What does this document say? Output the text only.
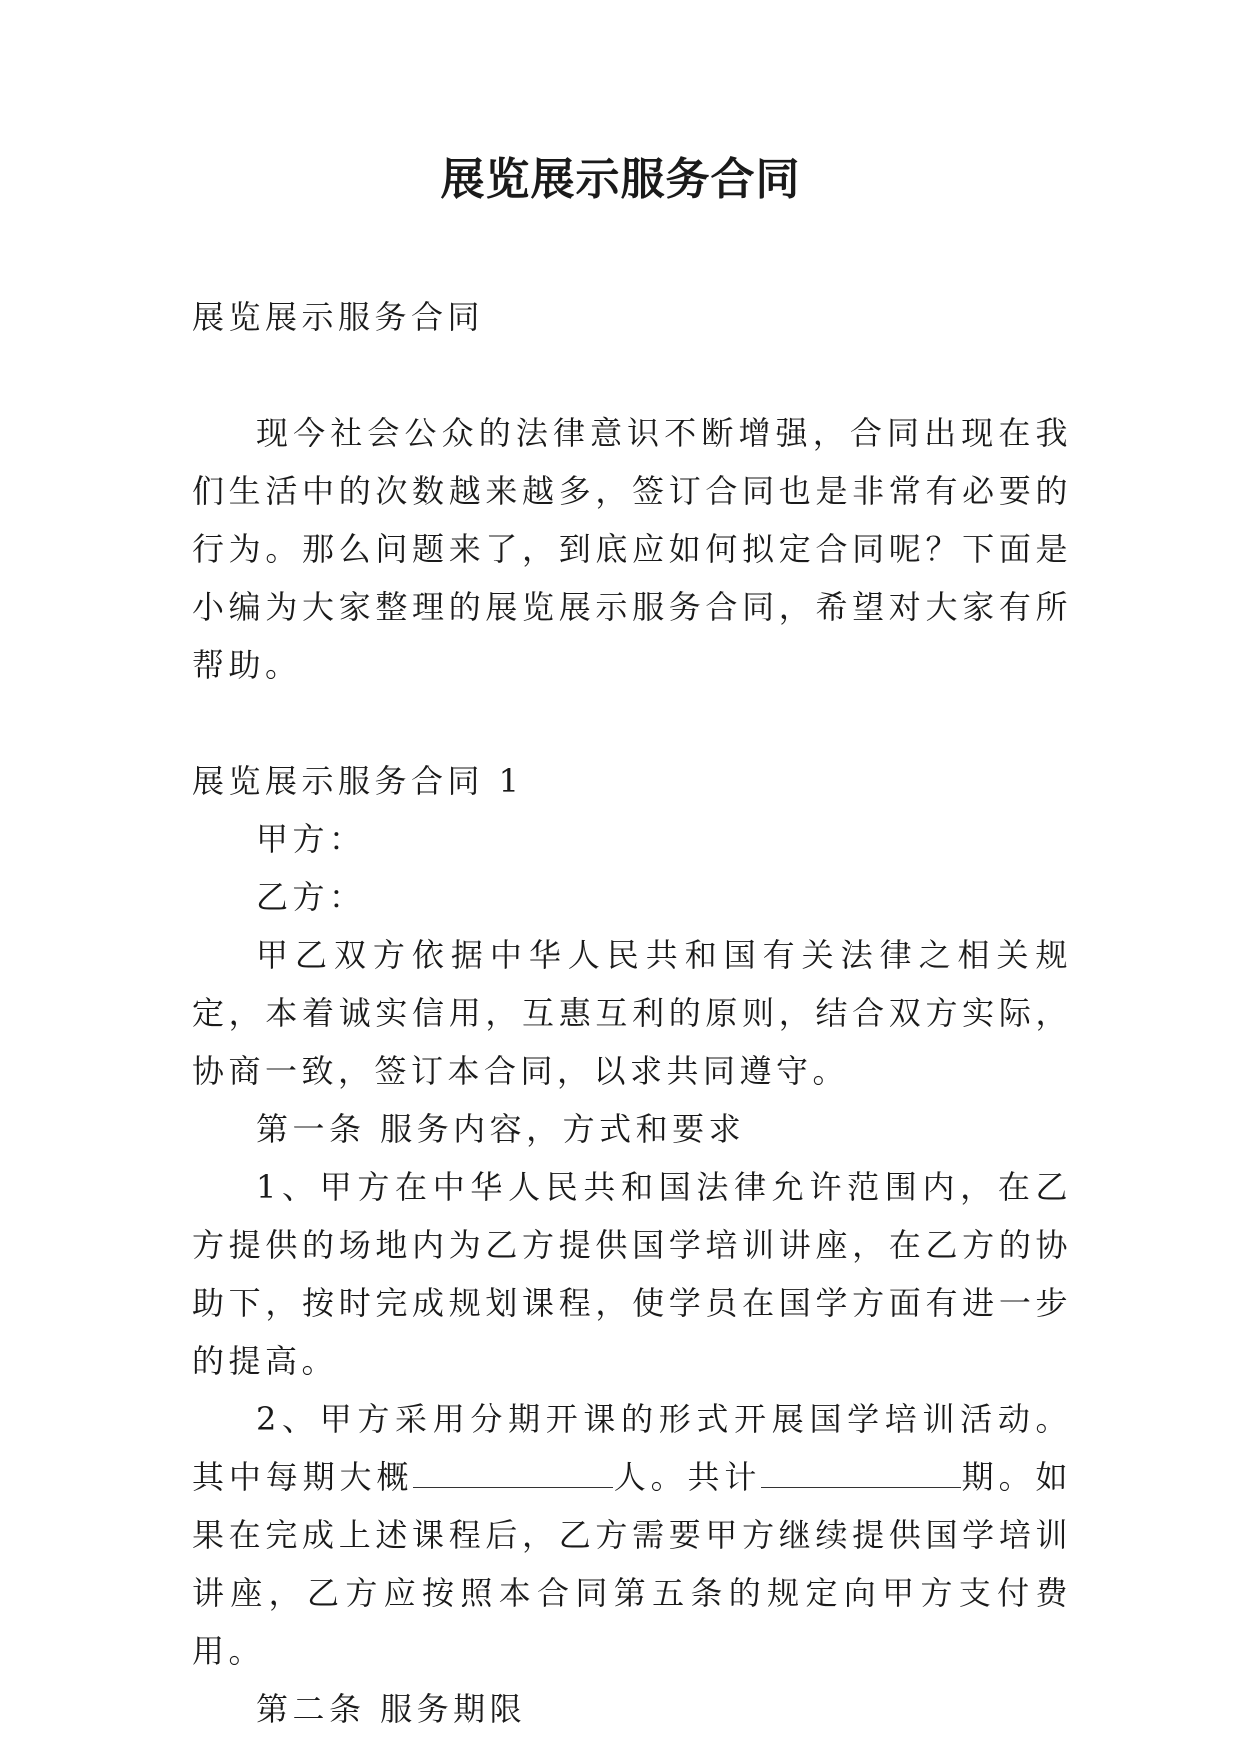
展览展示服务合同

展览展示服务合同

现今社会公众的法律意识不断增强，合同出现在我们生活中的次数越来越多，签订合同也是非常有必要的行为。那么问题来了，到底应如何拟定合同呢？下面是小编为大家整理的展览展示服务合同，希望对大家有所帮助。

展览展示服务合同 1

甲方：

乙方：

甲乙双方依据中华人民共和国有关法律之相关规定，本着诚实信用，互惠互利的原则，结合双方实际，协商一致，签订本合同，以求共同遵守。

第一条 服务内容，方式和要求

1、甲方在中华人民共和国法律允许范围内，在乙方提供的场地内为乙方提供国学培训讲座，在乙方的协助下，按时完成规划课程，使学员在国学方面有进一步的提高。

2、甲方采用分期开课的形式开展国学培训活动。其中每期大概	人。共计	期。如果在完成上述课程后，乙方需要甲方继续提供国学培训讲座，乙方应按照本合同第五条的规定向甲方支付费用。

第二条 服务期限
